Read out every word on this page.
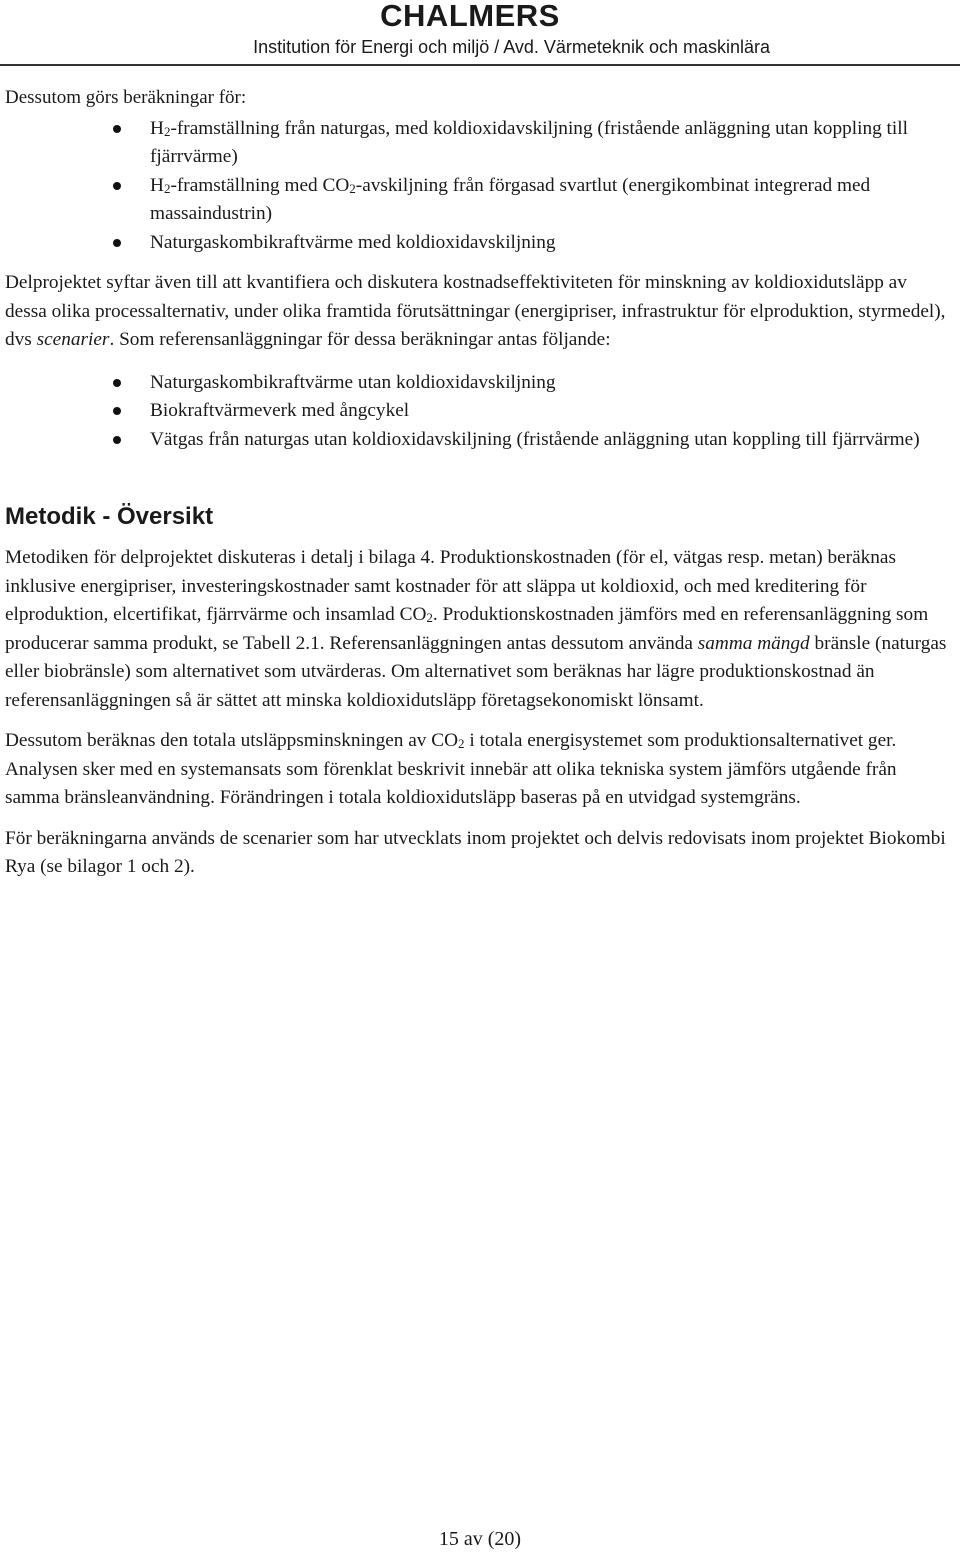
CHALMERS
Institution för Energi och miljö / Avd. Värmeteknik och maskinlära

Dessutom görs beräkningar för:

$H_2$-framställning från naturgas, med koldioxidavskiljning (fristående anläggning utan koppling till fjärrvärme)
$H_2$-framställning med $CO_2$-avskiljning från förgasad svartlut (energikombinat integrerad med massaindustrin)
Naturgaskombikraftvärme med koldioxidavskiljning

Delprojektet syftar även till att kvantifiera och diskutera kostnadseffektiviteten för minskning av koldioxidutsläpp av dessa olika processalternativ, under olika framtida förutsättningar (energipriser, infrastruktur för elproduktion, styrmedel), dvs scenarier. Som referensanläggningar för dessa beräkningar antas följande:

Naturgaskombikraftvärme utan koldioxidavskiljning
Biokraftvärmeverk med ångcykel
Vätgas från naturgas utan koldioxidavskiljning (fristående anläggning utan koppling till fjärrvärme)
Metodik - Översikt

Metodiken för delprojektet diskuteras i detalj i bilaga 4. Produktionskostnaden (för el, vätgas resp. metan) beräknas inklusive energipriser, investeringskostnader samt kostnader för att släppa ut koldioxid, och med kreditering för elproduktion, elcertifikat, fjärrvärme och insamlad $CO_2$. Produktionskostnaden jämförs med en referensanläggning som producerar samma produkt, se Tabell 2.1. Referensanläggningen antas dessutom använda samma mängd bränsle (naturgas eller biobränsle) som alternativet som utvärderas. Om alternativet som beräknas har lägre produktionskostnad än referensanläggningen så är sättet att minska koldioxidutsläpp företagsekonomiskt lönsamt.

Dessutom beräknas den totala utsläppsminskningen av $CO_2$ i totala energisystemet som produktionsalternativet ger. Analysen sker med en systemansats som förenklat beskrivit innebär att olika tekniska system jämförs utgående från samma bränsleanvändning. Förändringen i totala koldioxidutsläpp baseras på en utvidgad systemgräns.

För beräkningarna används de scenarier som har utvecklats inom projektet och delvis redovisats inom projektet Biokombi Rya (se bilagor 1 och 2).

15 av (20)
